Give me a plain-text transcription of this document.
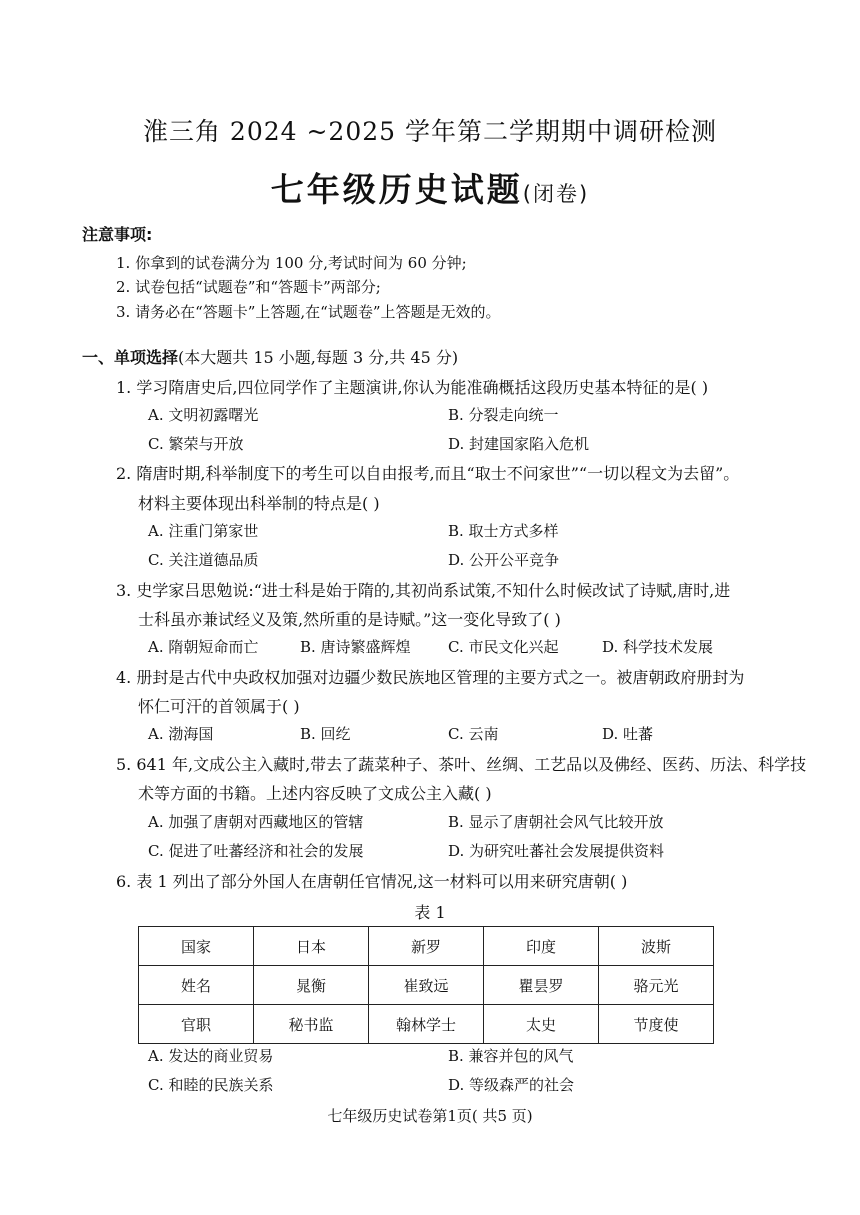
淮三角 2024 ~2025 学年第二学期期中调研检测
七年级历史试题(闭卷)
注意事项:
1. 你拿到的试卷满分为 100 分,考试时间为 60 分钟;
2. 试卷包括“试题卷”和“答题卡”两部分;
3. 请务必在“答题卡”上答题,在“试题卷”上答题是无效的。
一、单项选择(本大题共 15 小题,每题 3 分,共 45 分)
1. 学习隋唐史后,四位同学作了主题演讲,你认为能准确概括这段历史基本特征的是( )
A. 文明初露曙光	B. 分裂走向统一
C. 繁荣与开放	D. 封建国家陷入危机
2. 隋唐时期,科举制度下的考生可以自由报考,而且“取士不问家世”“一切以程文为去留”。
材料主要体现出科举制的特点是( )
A. 注重门第家世	B. 取士方式多样
C. 关注道德品质	D. 公开公平竞争
3. 史学家吕思勉说:“进士科是始于隋的,其初尚系试策,不知什么时候改试了诗赋,唐时,进
士科虽亦兼试经义及策,然所重的是诗赋。”这一变化导致了( )
A. 隋朝短命而亡	B. 唐诗繁盛辉煌 C. 市民文化兴起	D. 科学技术发展
4. 册封是古代中央政权加强对边疆少数民族地区管理的主要方式之一。被唐朝政府册封为
怀仁可汗的首领属于( )
A. 渤海国	B. 回纥	C. 云南	D. 吐蕃
5. 641 年,文成公主入藏时,带去了蔬菜种子、茶叶、丝绸、工艺品以及佛经、医药、历法、科学技
术等方面的书籍。上述内容反映了文成公主入藏( )
A. 加强了唐朝对西藏地区的管辖	B. 显示了唐朝社会风气比较开放
C. 促进了吐蕃经济和社会的发展	D. 为研究吐蕃社会发展提供资料
6. 表 1 列出了部分外国人在唐朝任官情况,这一材料可以用来研究唐朝( )
表 1
国家	日本	新罗	印度	波斯
姓名	晁衡	崔致远	瞿昙罗	骆元光
官职	秘书监	翰林学士	太史	节度使
A. 发达的商业贸易	B. 兼容并包的风气
C. 和睦的民族关系	D. 等级森严的社会
七年级历史试卷第1页( 共5 页)
